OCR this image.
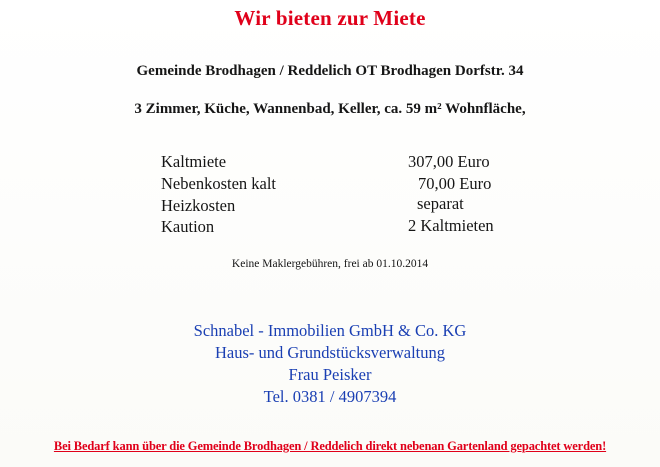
Wir bieten zur Miete
Gemeinde Brodhagen / Reddelich OT Brodhagen Dorfstr. 34
3 Zimmer, Küche, Wannenbad, Keller, ca. 59 m² Wohnfläche,
Kaltmiete	307,00 Euro
Nebenkosten kalt	70,00 Euro
Heizkosten	separat
Kaution	2 Kaltmieten
Keine Maklergebühren, frei ab 01.10.2014
Schnabel - Immobilien GmbH & Co. KG
Haus- und Grundstücksverwaltung
Frau Peisker
Tel. 0381 / 4907394
Bei Bedarf kann über die Gemeinde Brodhagen / Reddelich direkt nebenan Gartenland gepachtet werden!
